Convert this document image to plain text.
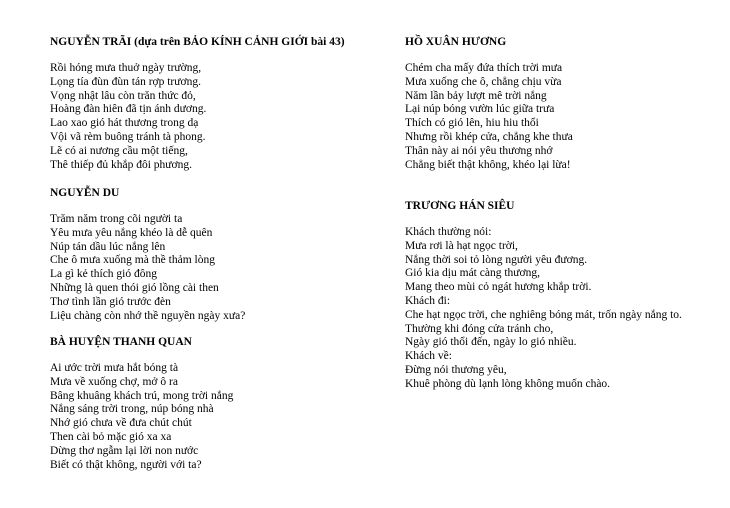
NGUYỄN TRÃI (dựa trên BẢO KÍNH CẢNH GIỚI bài 43)
Rồi hóng mưa thuở ngày trường,
Lọng tía đùn đùn tán rợp trương.
Vọng nhật lâu còn trăn thức đỏ,
Hoàng đàn hiên đã tịn ánh dương.
Lao xao gió hát thương trong dạ
Vội vã rèm buông tránh tà phong.
Lẽ có ai nương cầu một tiếng,
Thê thiếp đủ khắp đôi phương.
NGUYỄN DU
Trăm năm trong cõi người ta
Yêu mưa yêu nắng khéo là dễ quên
Núp tán dầu lúc nắng lên
Che ô mưa xuống mà thề thảm lòng
La gì kẻ thích gió đông
Những là quen thói gió lồng cài then
Thơ tình lần gió trước đèn
Liệu chàng còn nhớ thề nguyền ngày xưa?
BÀ HUYỆN THANH QUAN
Ai ước trời mưa hắt bóng tà
Mưa về xuống chợ, mở ô ra
Bâng khuâng khách trú, mong trời nắng
Nắng sáng trời trong, núp bóng nhà
Nhớ gió chưa về đưa chút chút
Then cài bỏ mặc gió xa xa
Dừng thơ ngẫm lại lời non nước
Biết có thật không, người với ta?
HỒ XUÂN HƯƠNG
Chém cha mấy đứa thích trời mưa
Mưa xuống che ô, chẳng chịu vừa
Năm lần bảy lượt mê trời nắng
Lại núp bóng vườn lúc giữa trưa
Thích có gió lên, hiu hiu thổi
Nhưng rồi khép cửa, chẳng khe thưa
Thân này ai nói yêu thương nhớ
Chẳng biết thật không, khéo lại lừa!
TRƯƠNG HÁN SIÊU
Khách thường nói:
Mưa rơi là hạt ngọc trời,
Nắng thời soi tỏ lòng người yêu đương.
Gió kia dịu mát càng thương,
Mang theo mùi cỏ ngát hương khắp trời.
Khách đi:
Che hạt ngọc trời, che nghiêng bóng mát, trốn ngày nắng to.
Thường khi đóng cửa tránh cho,
Ngày gió thổi đến, ngày lo gió nhiều.
Khách về:
Đừng nói thương yêu,
Khuê phòng dù lạnh lòng không muốn chào.
